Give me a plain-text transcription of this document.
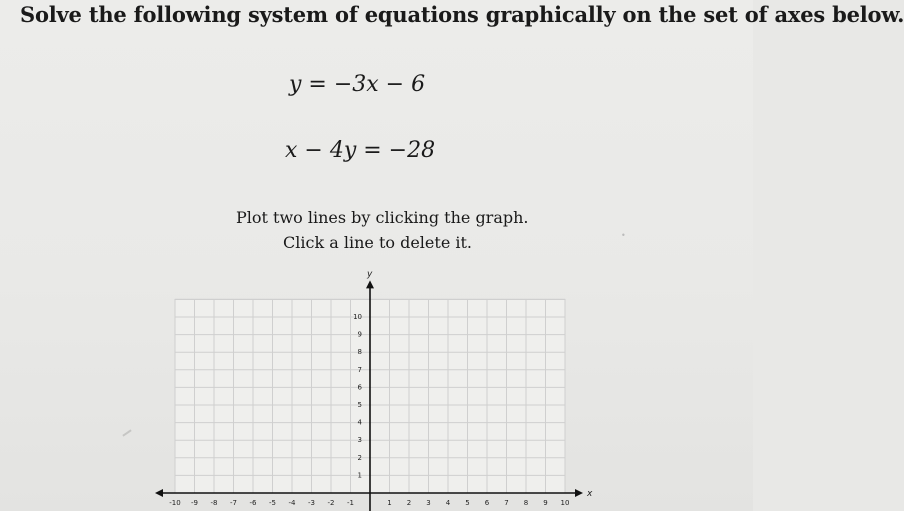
Solve the following system of equations graphically on the set of axes below.
y = −3x − 6
x − 4y = −28
Plot two lines by clicking the graph.
Click a line to delete it.	•
x
y
-10 -9 -8 -7 -6 -5 -4 -3 -2 -1	1 2 3 4 5 6 7 8 9 10
1
2
3
4
5
6
7
8
9
10
